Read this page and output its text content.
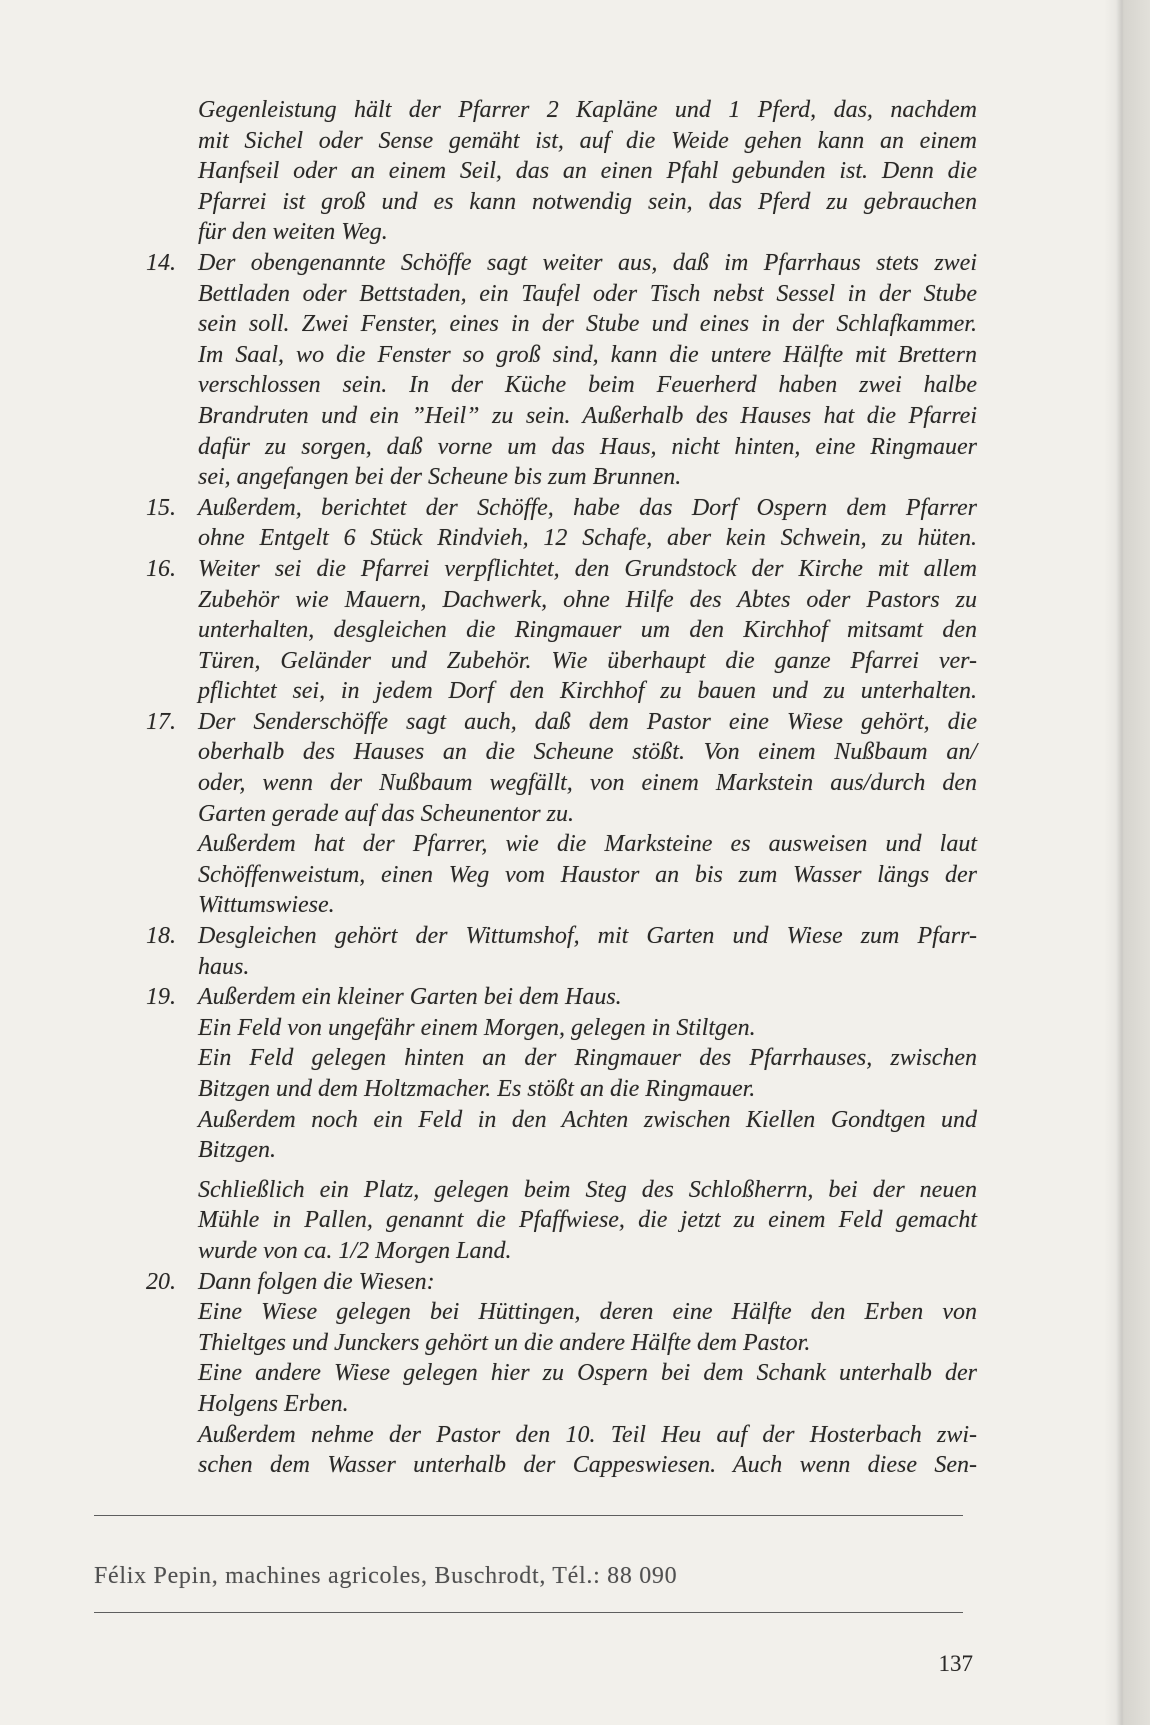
Gegenleistung hält der Pfarrer 2 Kapläne und 1 Pferd, das, nachdem
mit Sichel oder Sense gemäht ist, auf die Weide gehen kann an einem
Hanfseil oder an einem Seil, das an einen Pfahl gebunden ist. Denn die
Pfarrei ist groß und es kann notwendig sein, das Pferd zu gebrauchen
für den weiten Weg.
14. Der obengenannte Schöffe sagt weiter aus, daß im Pfarrhaus stets zwei
Bettladen oder Bettstaden, ein Taufel oder Tisch nebst Sessel in der Stube
sein soll. Zwei Fenster, eines in der Stube und eines in der Schlafkammer.
Im Saal, wo die Fenster so groß sind, kann die untere Hälfte mit Brettern
verschlossen sein. In der Küche beim Feuerherd haben zwei halbe
Brandruten und ein ”Heil” zu sein. Außerhalb des Hauses hat die Pfarrei
dafür zu sorgen, daß vorne um das Haus, nicht hinten, eine Ringmauer
sei, angefangen bei der Scheune bis zum Brunnen.
15. Außerdem, berichtet der Schöffe, habe das Dorf Ospern dem Pfarrer
ohne Entgelt 6 Stück Rindvieh, 12 Schafe, aber kein Schwein, zu hüten.
16. Weiter sei die Pfarrei verpflichtet, den Grundstock der Kirche mit allem
Zubehör wie Mauern, Dachwerk, ohne Hilfe des Abtes oder Pastors zu
unterhalten, desgleichen die Ringmauer um den Kirchhof mitsamt den
Türen, Geländer und Zubehör. Wie überhaupt die ganze Pfarrei ver-
pflichtet sei, in jedem Dorf den Kirchhof zu bauen und zu unterhalten.
17. Der Senderschöffe sagt auch, daß dem Pastor eine Wiese gehört, die
oberhalb des Hauses an die Scheune stößt. Von einem Nußbaum an/
oder, wenn der Nußbaum wegfällt, von einem Markstein aus/durch den
Garten gerade auf das Scheunentor zu.
Außerdem hat der Pfarrer, wie die Marksteine es ausweisen und laut
Schöffenweistum, einen Weg vom Haustor an bis zum Wasser längs der
Wittumswiese.
18. Desgleichen gehört der Wittumshof, mit Garten und Wiese zum Pfarr-
haus.
19. Außerdem ein kleiner Garten bei dem Haus.
Ein Feld von ungefähr einem Morgen, gelegen in Stiltgen.
Ein Feld gelegen hinten an der Ringmauer des Pfarrhauses, zwischen
Bitzgen und dem Holtzmacher. Es stößt an die Ringmauer.
Außerdem noch ein Feld in den Achten zwischen Kiellen Gondtgen und
Bitzgen.
Schließlich ein Platz, gelegen beim Steg des Schloßherrn, bei der neuen
Mühle in Pallen, genannt die Pfaffwiese, die jetzt zu einem Feld gemacht
wurde von ca. 1/2 Morgen Land.
20. Dann folgen die Wiesen:
Eine Wiese gelegen bei Hüttingen, deren eine Hälfte den Erben von
Thieltges und Junckers gehört un die andere Hälfte dem Pastor.
Eine andere Wiese gelegen hier zu Ospern bei dem Schank unterhalb der
Holgens Erben.
Außerdem nehme der Pastor den 10. Teil Heu auf der Hosterbach zwi-
schen dem Wasser unterhalb der Cappeswiesen. Auch wenn diese Sen-
Félix Pepin, machines agricoles, Buschrodt, Tél.: 88 090
137
